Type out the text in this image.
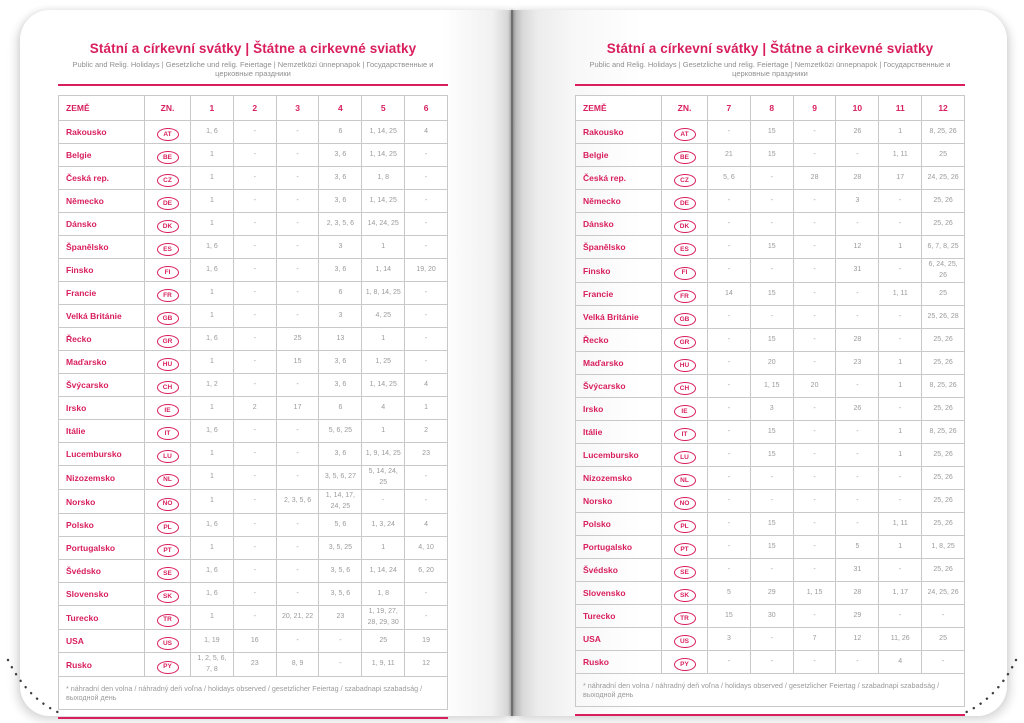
Státní a církevní svátky | Štátne a cirkevné sviatky
Public and Relig. Holidays | Gesetzliche und relig. Feiertage | Nemzetközi ünnepnapok | Государственные и церковные праздники
ZEMĚ	ZN.	1	2	3	4	5	6
Rakousko	AT	1, 6	-	-	6	1, 14, 25	4
Belgie	BE	1	-	-	3, 6	1, 14, 25	-
Česká rep.	CZ	1	-	-	3, 6	1, 8	-
Německo	DE	1	-	-	3, 6	1, 14, 25	-
Dánsko	DK	1	-	-	2, 3, 5, 6	14, 24, 25	-
Španělsko	ES	1, 6	-	-	3	1	-
Finsko	FI	1, 6	-	-	3, 6	1, 14	19, 20
Francie	FR	1	-	-	6	1, 8, 14, 25	-
Velká Británie	GB	1	-	-	3	4, 25	-
Řecko	GR	1, 6	-	25	13	1	-
Maďarsko	HU	1	-	15	3, 6	1, 25	-
Švýcarsko	CH	1, 2	-	-	3, 6	1, 14, 25	4
Irsko	IE	1	2	17	6	4	1
Itálie	IT	1, 6	-	-	5, 6, 25	1	2
Lucembursko	LU	1	-	-	3, 6	1, 9, 14, 25	23
Nizozemsko	NL	1	-	-	3, 5, 6, 27	5, 14, 24, 25	-
Norsko	NO	1	-	2, 3, 5, 6	1, 14, 17, 24, 25	-	-
Polsko	PL	1, 6	-	-	5, 6	1, 3, 24	4
Portugalsko	PT	1	-	-	3, 5, 25	1	4, 10
Švédsko	SE	1, 6	-	-	3, 5, 6	1, 14, 24	6, 20
Slovensko	SK	1, 6	-	-	3, 5, 6	1, 8	-
Turecko	TR	1	-	20, 21, 22	23	1, 19, 27, 28, 29, 30	-
USA	US	1, 19	16	-	-	25	19
Rusko	PY	1, 2, 5, 6, 7, 8	23	8, 9	-	1, 9, 11	12
* náhradní den volna / náhradný deň voľna / holidays observed / gesetzlicher Feiertag / szabadnapi szabadság / выходной день							
Státní a církevní svátky | Štátne a cirkevné sviatky
Public and Relig. Holidays | Gesetzliche und relig. Feiertage | Nemzetközi ünnepnapok | Государственные и церковные праздники
ZEMĚ	ZN.	7	8	9	10	11	12
Rakousko	AT	-	15	-	26	1	8, 25, 26
Belgie	BE	21	15	-	-	1, 11	25
Česká rep.	CZ	5, 6	-	28	28	17	24, 25, 26
Německo	DE	-	-	-	3	-	25, 26
Dánsko	DK	-	-	-	-	-	25, 26
Španělsko	ES	-	15	-	12	1	6, 7, 8, 25
Finsko	FI	-	-	-	31	-	6, 24, 25, 26
Francie	FR	14	15	-	-	1, 11	25
Velká Británie	GB	-	-	-	-	-	25, 26, 28
Řecko	GR	-	15	-	28	-	25, 26
Maďarsko	HU	-	20	-	23	1	25, 26
Švýcarsko	CH	-	1, 15	20	-	1	8, 25, 26
Irsko	IE	-	3	-	26	-	25, 26
Itálie	IT	-	15	-	-	1	8, 25, 26
Lucembursko	LU	-	15	-	-	1	25, 26
Nizozemsko	NL	-	-	-	-	-	25, 26
Norsko	NO	-	-	-	-	-	25, 26
Polsko	PL	-	15	-	-	1, 11	25, 26
Portugalsko	PT	-	15	-	5	1	1, 8, 25
Švédsko	SE	-	-	-	31	-	25, 26
Slovensko	SK	5	29	1, 15	28	1, 17	24, 25, 26
Turecko	TR	15	30	-	29	-	-
USA	US	3	-	7	12	11, 26	25
Rusko	PY	-	-	-	-	4	-
* náhradní den volna / náhradný deň voľna / holidays observed / gesetzlicher Feiertag / szabadnapi szabadság / выходной день							
